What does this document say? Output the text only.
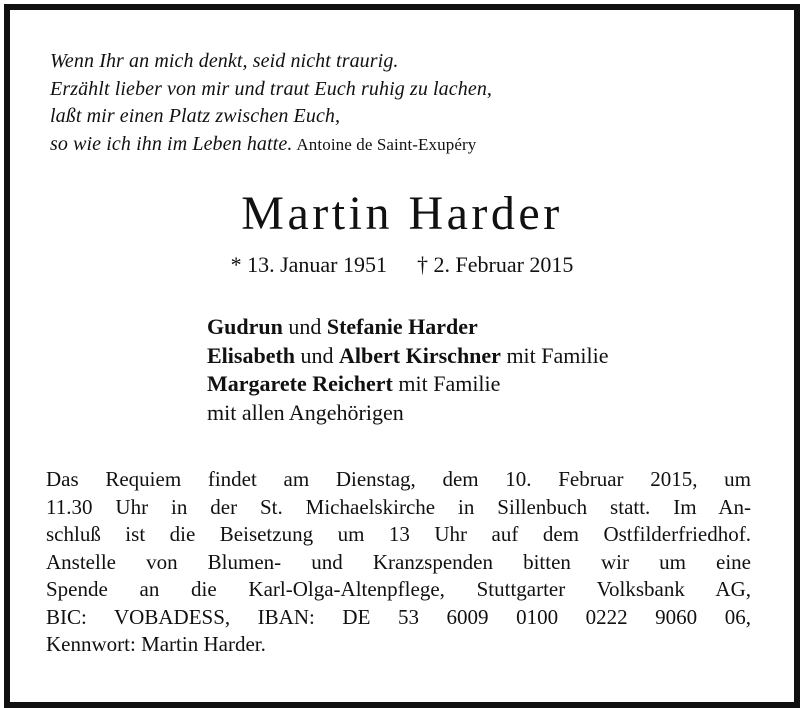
Wenn Ihr an mich denkt, seid nicht traurig.
Erzählt lieber von mir und traut Euch ruhig zu lachen,
laßt mir einen Platz zwischen Euch,
so wie ich ihn im Leben hatte. Antoine de Saint-Exupéry
Martin Harder
* 13. Januar 1951 † 2. Februar 2015
Gudrun und Stefanie Harder
Elisabeth und Albert Kirschner mit Familie
Margarete Reichert mit Familie
mit allen Angehörigen
Das Requiem findet am Dienstag, dem 10. Februar 2015, um
11.30 Uhr in der St. Michaelskirche in Sillenbuch statt. Im An-
schluß ist die Beisetzung um 13 Uhr auf dem Ostfilderfriedhof.
Anstelle von Blumen- und Kranzspenden bitten wir um eine
Spende an die Karl-Olga-Altenpflege, Stuttgarter Volksbank AG,
BIC: VOBADESS, IBAN: DE 53 6009 0100 0222 9060 06,
Kennwort: Martin Harder.
